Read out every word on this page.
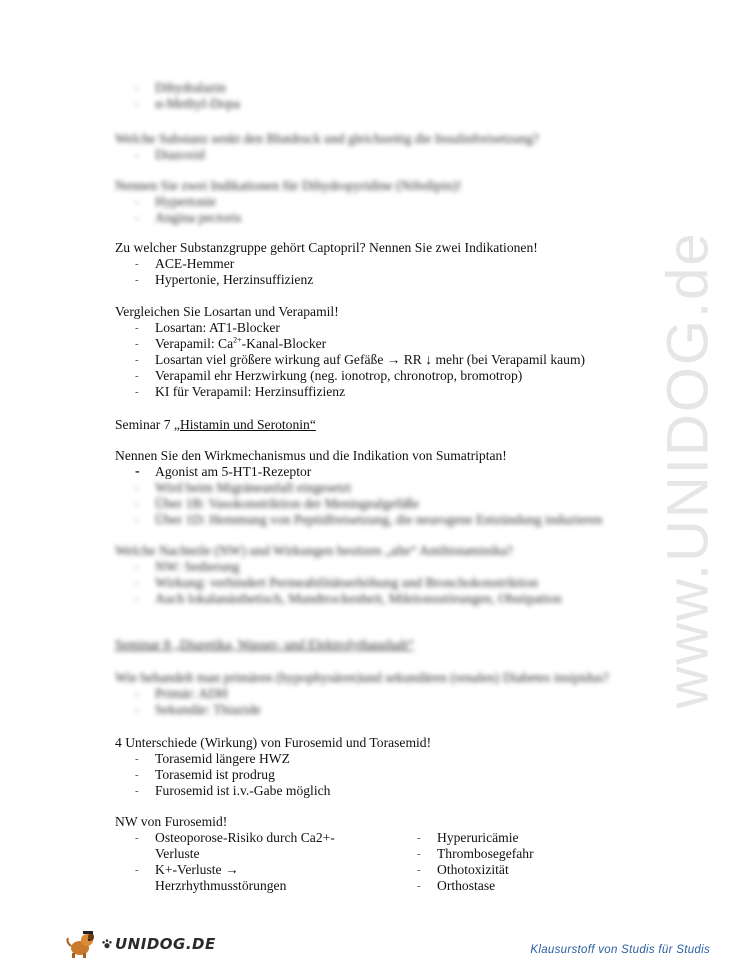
www.UNIDOG.de
- Dihydralazin
- α-Methyl-Dopa

Welche Substanz senkt den Blutdruck und gleichzeitig die Insulinfreisetzung?

- Diazoxid

Nennen Sie zwei Indikationen für Dihydropyridine (Nifedipin)!

- Hypertonie
- Angina pectoris

Zu welcher Substanzgruppe gehört Captopril? Nennen Sie zwei Indikationen!

- ACE-Hemmer
- Hypertonie, Herzinsuffizienz

Vergleichen Sie Losartan und Verapamil!

- Losartan: AT1-Blocker
- Verapamil: $Ca^{2+}-Kanal$-Blocker
- Losartan viel größere wirkung auf Gefäße → RR ↓ mehr (bei Verapamil kaum)
- Verapamil ehr Herzwirkung (neg. ionotrop, chronotrop, bromotrop)
- KI für Verapamil: Herzinsuffizienz

Seminar 7 „Histamin und Serotonin“

Nennen Sie den Wirkmechanismus und die Indikation von Sumatriptan!

- Agonist am 5-HT1-Rezeptor
- Wird beim Migräneanfall eingesetzt
- Über 1B: Vasokonstriktion der Meningealgefäße
- Über 1D: Hemmung von Peptidfreisetzung, die neurogene Entzündung induzieren

Welche Nachteile (NW) und Wirkungen besitzen „alte“ Antihistaminika?

- NW: Sedierung
- Wirkung: verhindert Permeabilitätserhöhung und Bronchokonstriktion
- Auch lokalanästhetisch, Mundtrockenheit, Miktionsstörungen, Obstipation

Seminar 8 „Diuretika, Wasser- und Elektrolythaushalt“

Wie behandelt man primären (hypophysären)und sekundären (renalen) Diabetes insipidus?

- Primär: ADH
- Sekundär: Thiazide

4 Unterschiede (Wirkung) von Furosemid und Torasemid!

- Torasemid längere HWZ
- Torasemid ist prodrug
- Furosemid ist i.v.-Gabe möglich

NW von Furosemid!

- Osteoporose-Risiko durch Ca2+-
Verluste
- K+-Verluste →
Herzrhythmusstörungen
- Hyperuricämie
- Thrombosegefahr
- Othotoxizität
- Orthostase
UNIDOG.DE	Klausurstoff von Studis für Studis
